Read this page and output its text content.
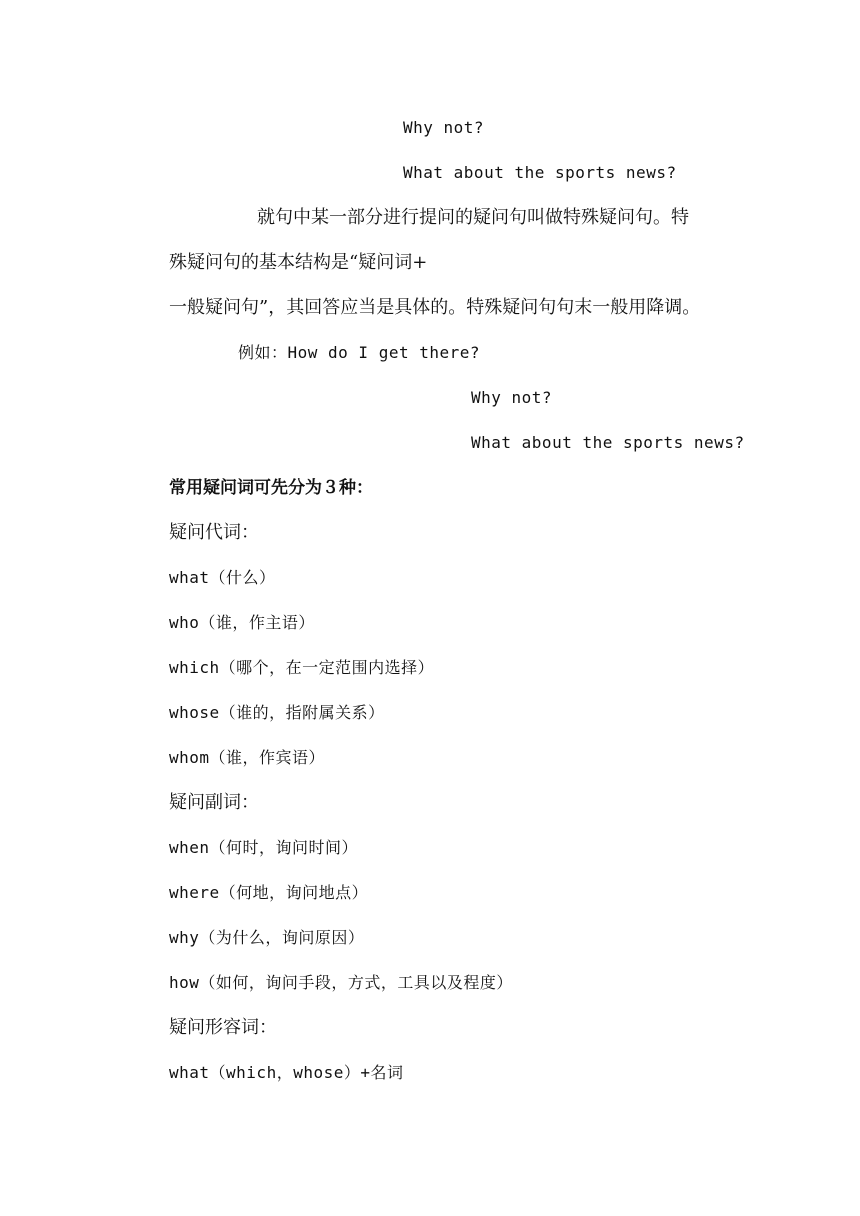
Why not?
What about the sports news?
就句中某一部分进行提问的疑问句叫做特殊疑问句。特
殊疑问句的基本结构是“疑问词+
一般疑问句”，其回答应当是具体的。特殊疑问句句末一般用降调。
例如：How do I get there?
Why not?
What about the sports news?
常用疑问词可先分为３种：
疑问代词：
what（什么）
who（谁，作主语）
which（哪个，在一定范围内选择）
whose（谁的，指附属关系）
whom（谁，作宾语）
疑问副词：
when（何时，询问时间）
where（何地，询问地点）
why（为什么，询问原因）
how（如何，询问手段，方式，工具以及程度）
疑问形容词：
what（which，whose）+名词
